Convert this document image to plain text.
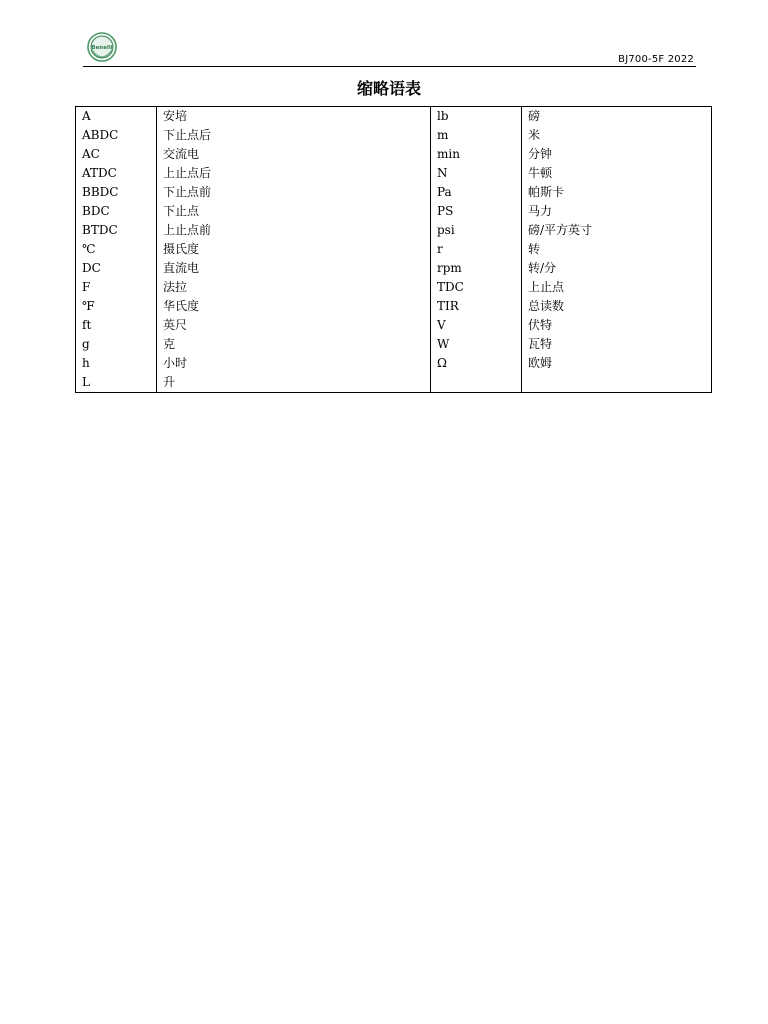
Benelli
BJ700-5F 2022
缩略语表
A	安培	lb	磅
ABDC	下止点后	m	米
AC	交流电	min	分钟
ATDC	上止点后	N	牛顿
BBDC	下止点前	Pa	帕斯卡
BDC	下止点	PS	马力
BTDC	上止点前	psi	磅/平方英寸
℃	摄氏度	r	转
DC	直流电	rpm	转/分
F	法拉	TDC	上止点
℉	华氏度	TIR	总读数
ft	英尺	V	伏特
g	克	W	瓦特
h	小时	Ω	欧姆
L	升		
